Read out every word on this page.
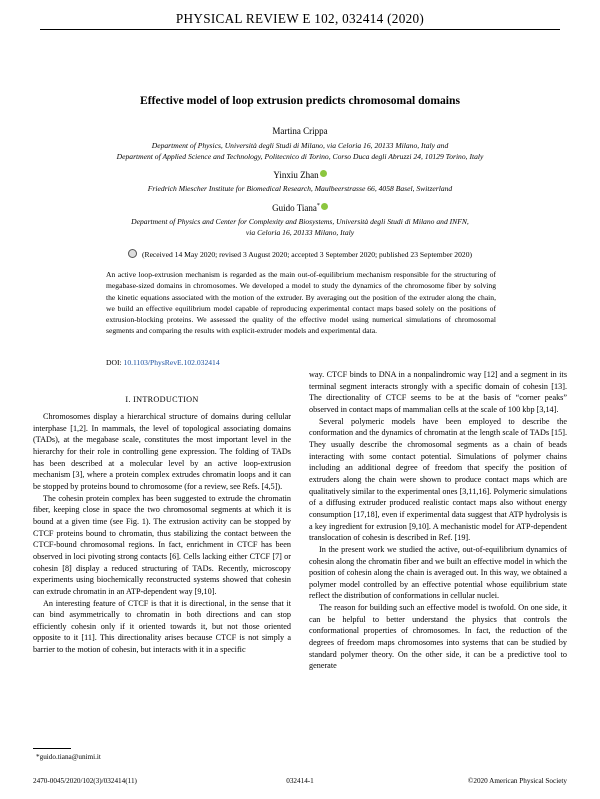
PHYSICAL REVIEW E 102, 032414 (2020)
Effective model of loop extrusion predicts chromosomal domains
Martina Crippa
Department of Physics, Università degli Studi di Milano, via Celoria 16, 20133 Milano, Italy and
Department of Applied Science and Technology, Politecnico di Torino, Corso Duca degli Abruzzi 24, 10129 Torino, Italy
Yinxiu Zhan
Friedrich Miescher Institute for Biomedical Research, Maulbeerstrasse 66, 4058 Basel, Switzerland
Guido Tiana*
Department of Physics and Center for Complexity and Biosystems, Università degli Studi di Milano and INFN,
via Celoria 16, 20133 Milano, Italy
(Received 14 May 2020; revised 3 August 2020; accepted 3 September 2020; published 23 September 2020)
An active loop-extrusion mechanism is regarded as the main out-of-equilibrium mechanism responsible for the structuring of megabase-sized domains in chromosomes. We developed a model to study the dynamics of the chromosome fiber by solving the kinetic equations associated with the motion of the extruder. By averaging out the position of the extruder along the chain, we build an effective equilibrium model capable of reproducing experimental contact maps based solely on the positions of extrusion-blocking proteins. We assessed the quality of the effective model using numerical simulations of chromosomal segments and comparing the results with explicit-extruder models and experimental data.
DOI: 10.1103/PhysRevE.102.032414
I. INTRODUCTION

Chromosomes display a hierarchical structure of domains during cellular interphase [1,2]. In mammals, the level of topological associating domains (TADs), at the megabase scale, constitutes the most important level in the hierarchy for their role in controlling gene expression. The folding of TADs has been described at a molecular level by an active loop-extrusion mechanism [3], where a protein complex extrudes chromatin loops and it can be stopped by proteins bound to chromosome (for a review, see Refs. [4,5]).

The cohesin protein complex has been suggested to extrude the chromatin fiber, keeping close in space the two chromosomal segments at which it is bound at a given time (see Fig. 1). The extrusion activity can be stopped by CTCF proteins bound to chromatin, thus stabilizing the contact between the CTCF-bound chromosomal regions. In fact, enrichment in CTCF has been observed in loci pivoting strong contacts [6]. Cells lacking either CTCF [7] or cohesin [8] display a reduced structuring of TADs. Recently, microscopy experiments using biochemically reconstructed systems showed that cohesin can extrude chromatin in an ATP-dependent way [9,10].

An interesting feature of CTCF is that it is directional, in the sense that it can bind asymmetrically to chromatin in both directions and can stop efficiently cohesin only if it oriented towards it, but not those oriented opposite to it [11]. This directionality arises because CTCF is not simply a barrier to the motion of cohesin, but interacts with it in a specific

way. CTCF binds to DNA in a nonpalindromic way [12] and a segment in its terminal segment interacts strongly with a specific domain of cohesin [13]. The directionality of CTCF seems to be at the basis of “corner peaks” observed in contact maps of mammalian cells at the scale of 100 kbp [3,14].

Several polymeric models have been employed to describe the conformation and the dynamics of chromatin at the length scale of TADs [15]. They usually describe the chromosomal segments as a chain of beads interacting with some contact potential. Simulations of polymer chains including an additional degree of freedom that specify the position of extruders along the chain were shown to produce contact maps which are qualitatively similar to the experimental ones [3,11,16]. Polymeric simulations of a diffusing extruder produced realistic contact maps also without energy consumption [17,18], even if experimental data suggest that ATP hydrolysis is a key ingredient for extrusion [9,10]. A mechanistic model for ATP-dependent translocation of cohesin is described in Ref. [19].

In the present work we studied the active, out-of-equilibrium dynamics of cohesin along the chromatin fiber and we built an effective model in which the position of cohesin along the chain is averaged out. In this way, we obtained a polymer model controlled by an effective potential whose equilibrium state reflect the distribution of conformations in cellular nuclei.

The reason for building such an effective model is twofold. On one side, it can be helpful to better understand the physics that controls the conformational properties of chromosomes. In fact, the reduction of the degrees of freedom maps chromosomes into systems that can be studied by standard polymer theory. On the other side, it can be a predictive tool to generate

*guido.tiana@unimi.it
2470-0045/2020/102(3)/032414(11)	032414-1	©2020 American Physical Society
